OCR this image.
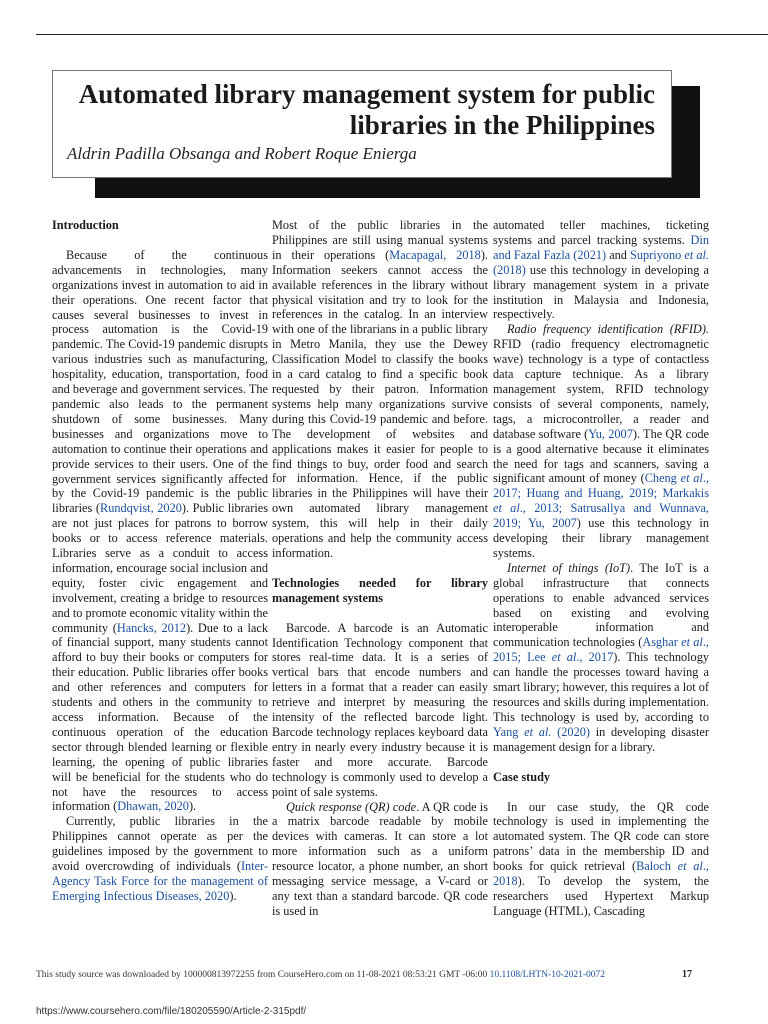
Automated library management system for public libraries in the Philippines
Aldrin Padilla Obsanga and Robert Roque Enierga
Introduction

Because of the continuous advancements in technologies, many organizations invest in automation to aid in their operations. One recent factor that causes several businesses to invest in process automation is the Covid-19 pandemic. The Covid-19 pandemic disrupts various industries such as manufacturing, hospitality, education, transportation, food and beverage and government services. The pandemic also leads to the permanent shutdown of some businesses. Many businesses and organizations move to automation to continue their operations and provide services to their users. One of the government services significantly affected by the Covid-19 pandemic is the public libraries (Rundqvist, 2020). Public libraries are not just places for patrons to borrow books or to access reference materials. Libraries serve as a conduit to access information, encourage social inclusion and equity, foster civic engagement and involvement, creating a bridge to resources and to promote economic vitality within the community (Hancks, 2012). Due to a lack of financial support, many students cannot afford to buy their books or computers for their education. Public libraries offer books and other references and computers for students and others in the community to access information. Because of the continuous operation of the education sector through blended learning or flexible learning, the opening of public libraries will be beneficial for the students who do not have the resources to access information (Dhawan, 2020).

Currently, public libraries in the Philippines cannot operate as per the guidelines imposed by the government to avoid overcrowding of individuals (Inter-Agency Task Force for the management of Emerging Infectious Diseases, 2020).

Most of the public libraries in the Philippines are still using manual systems in their operations (Macapagal, 2018). Information seekers cannot access the available references in the library without physical visitation and try to look for the references in the catalog. In an interview with one of the librarians in a public library in Metro Manila, they use the Dewey Classification Model to classify the books in a card catalog to find a specific book requested by their patron. Information systems help many organizations survive during this Covid-19 pandemic and before. The development of websites and applications makes it easier for people to find things to buy, order food and search for information. Hence, if the public libraries in the Philippines will have their own automated library management system, this will help in their daily operations and help the community access information.

Technologies needed for library management systems

Barcode. A barcode is an Automatic Identification Technology component that stores real-time data. It is a series of vertical bars that encode numbers and letters in a format that a reader can easily retrieve and interpret by measuring the intensity of the reflected barcode light. Barcode technology replaces keyboard data entry in nearly every industry because it is faster and more accurate. Barcode technology is commonly used to develop a point of sale systems.

Quick response (QR) code. A QR code is a matrix barcode readable by mobile devices with cameras. It can store a lot more information such as a uniform resource locator, a phone number, an short messaging service message, a V-card or any text than a standard barcode. QR code is used in

automated teller machines, ticketing systems and parcel tracking systems. Din and Fazal Fazla (2021) and Supriyono et al. (2018) use this technology in developing a library management system in a private institution in Malaysia and Indonesia, respectively.

Radio frequency identification (RFID). RFID (radio frequency electromagnetic wave) technology is a type of contactless data capture technique. As a library management system, RFID technology consists of several components, namely, tags, a microcontroller, a reader and database software (Yu, 2007). The QR code is a good alternative because it eliminates the need for tags and scanners, saving a significant amount of money (Cheng et al., 2017; Huang and Huang, 2019; Markakis et al., 2013; Satrusallya and Wunnava, 2019; Yu, 2007) use this technology in developing their library management systems.

Internet of things (IoT). The IoT is a global infrastructure that connects operations to enable advanced services based on existing and evolving interoperable information and communication technologies (Asghar et al., 2015; Lee et al., 2017). This technology can handle the processes toward having a smart library; however, this requires a lot of resources and skills during implementation. This technology is used by, according to Yang et al. (2020) in developing disaster management design for a library.

Case study

In our case study, the QR code technology is used in implementing the automated system. The QR code can store patrons’ data in the membership ID and books for quick retrieval (Baloch et al., 2018). To develop the system, the researchers used Hypertext Markup Language (HTML), Cascading

This study source was downloaded by 100000813972255 from CourseHero.com on 11-08-2021 08:53:21 GMT -06:00 10.1108/LHTN-10-2021-0072	17
https://www.coursehero.com/file/180205590/Article-2-315pdf/
